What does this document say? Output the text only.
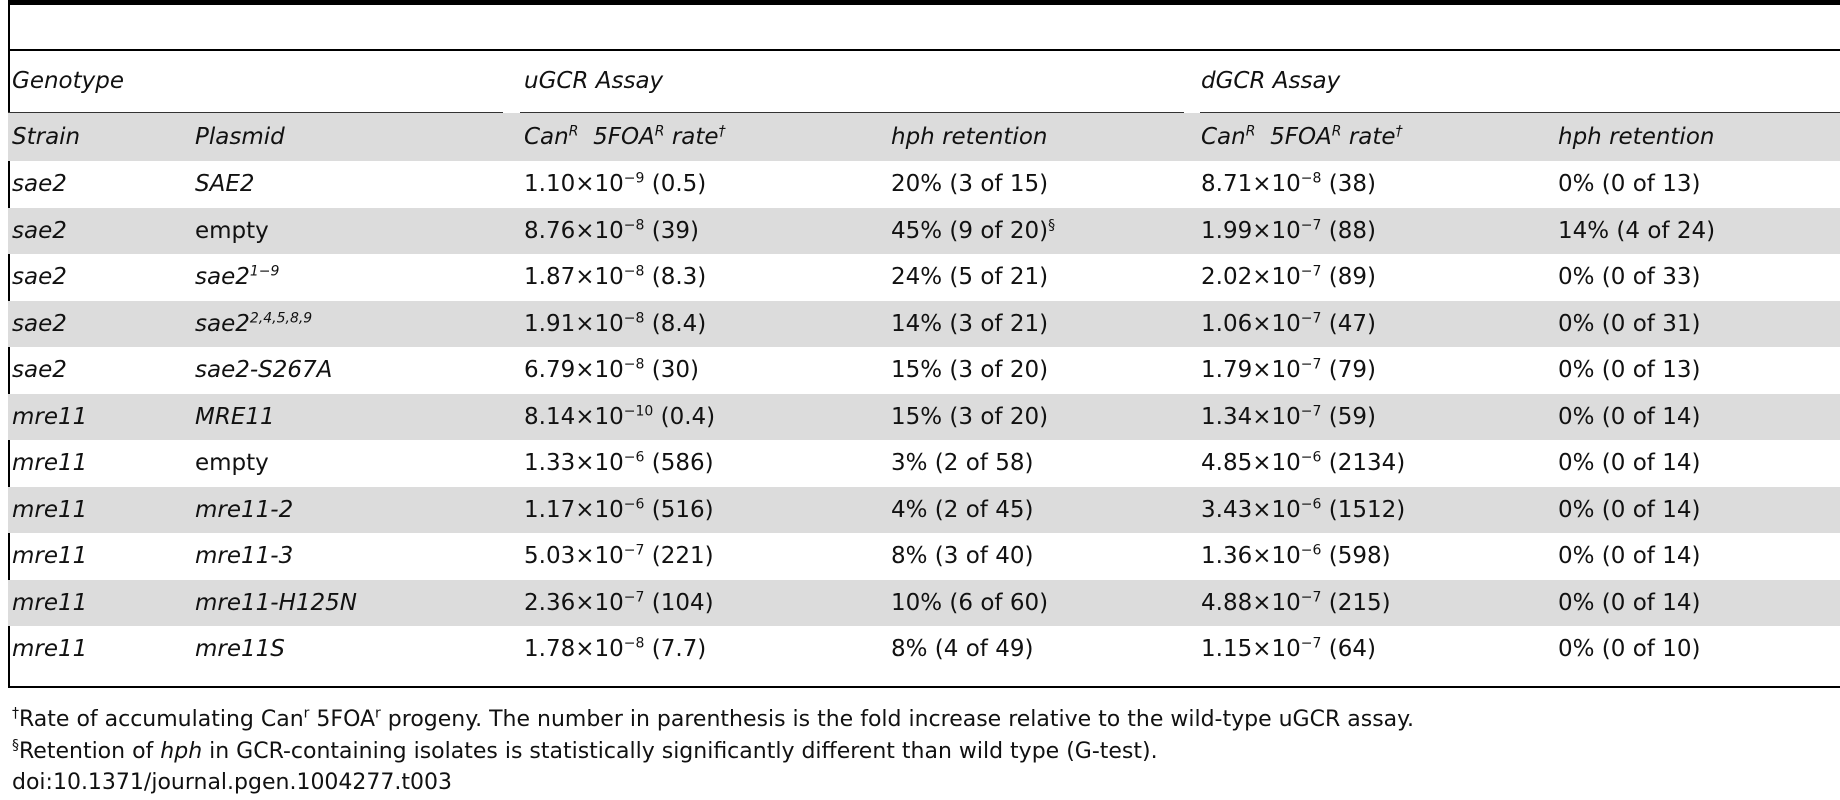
Genotype	uGCR Assay	dGCR Assay
Strain	Plasmid	Can$^R$ $5FOA^R$ rate†	hph retention	Can$^R$ $5FOA^R$ rate†	hph retention
sae2	SAE2	$1.10\times 10^{-9}$ (0.5)	20% (3 of 15)	$8.71\times 10^{-8}$ (38)	0% (0 of 13)
sae2	empty	$8.76\times 10^{-8}$ (39)	45% (9 of 20)§	$1.99\times 10^{-7}$ (88)	14% (4 of 24)
sae2	$sae2^{1-9}$	$1.87\times 10^{-8}$ (8.3)	24% (5 of 21)	$2.02\times 10^{-7}$ (89)	0% (0 of 33)
sae2	sae2$^{2,4,5,8,9}$	$1.91\times 10^{-8}$ (8.4)	14% (3 of 21)	$1.06\times 10^{-7}$ (47)	0% (0 of 31)
sae2	sae2-S267A	$6.79\times 10^{-8}$ (30)	15% (3 of 20)	$1.79\times 10^{-7}$ (79)	0% (0 of 13)
mre11	MRE11	$8.14\times 10^{-10}$ (0.4)	15% (3 of 20)	$1.34\times 10^{-7}$ (59)	0% (0 of 14)
mre11	empty	$1.33\times 10^{-6}$ (586)	3% (2 of 58)	$4.85\times 10^{-6}$ (2134)	0% (0 of 14)
mre11	mre11-2	$1.17\times 10^{-6}$ (516)	4% (2 of 45)	$3.43\times 10^{-6}$ (1512)	0% (0 of 14)
mre11	mre11-3	$5.03\times 10^{-7}$ (221)	8% (3 of 40)	$1.36\times 10^{-6}$ (598)	0% (0 of 14)
mre11	mre11-H125N	$2.36\times 10^{-7}$ (104)	10% (6 of 60)	$4.88\times 10^{-7}$ (215)	0% (0 of 14)
mre11	mre11S	$1.78\times 10^{-8}$ (7.7)	8% (4 of 49)	$1.15\times 10^{-7}$ (64)	0% (0 of 10)
†Rate of accumulating Can$^r$ 5FOA$^r$ progeny. The number in parenthesis is the fold increase relative to the wild-type uGCR assay.
§Retention of hph in GCR-containing isolates is statistically significantly different than wild type (G-test).
doi:10.1371/journal.pgen.1004277.t003
